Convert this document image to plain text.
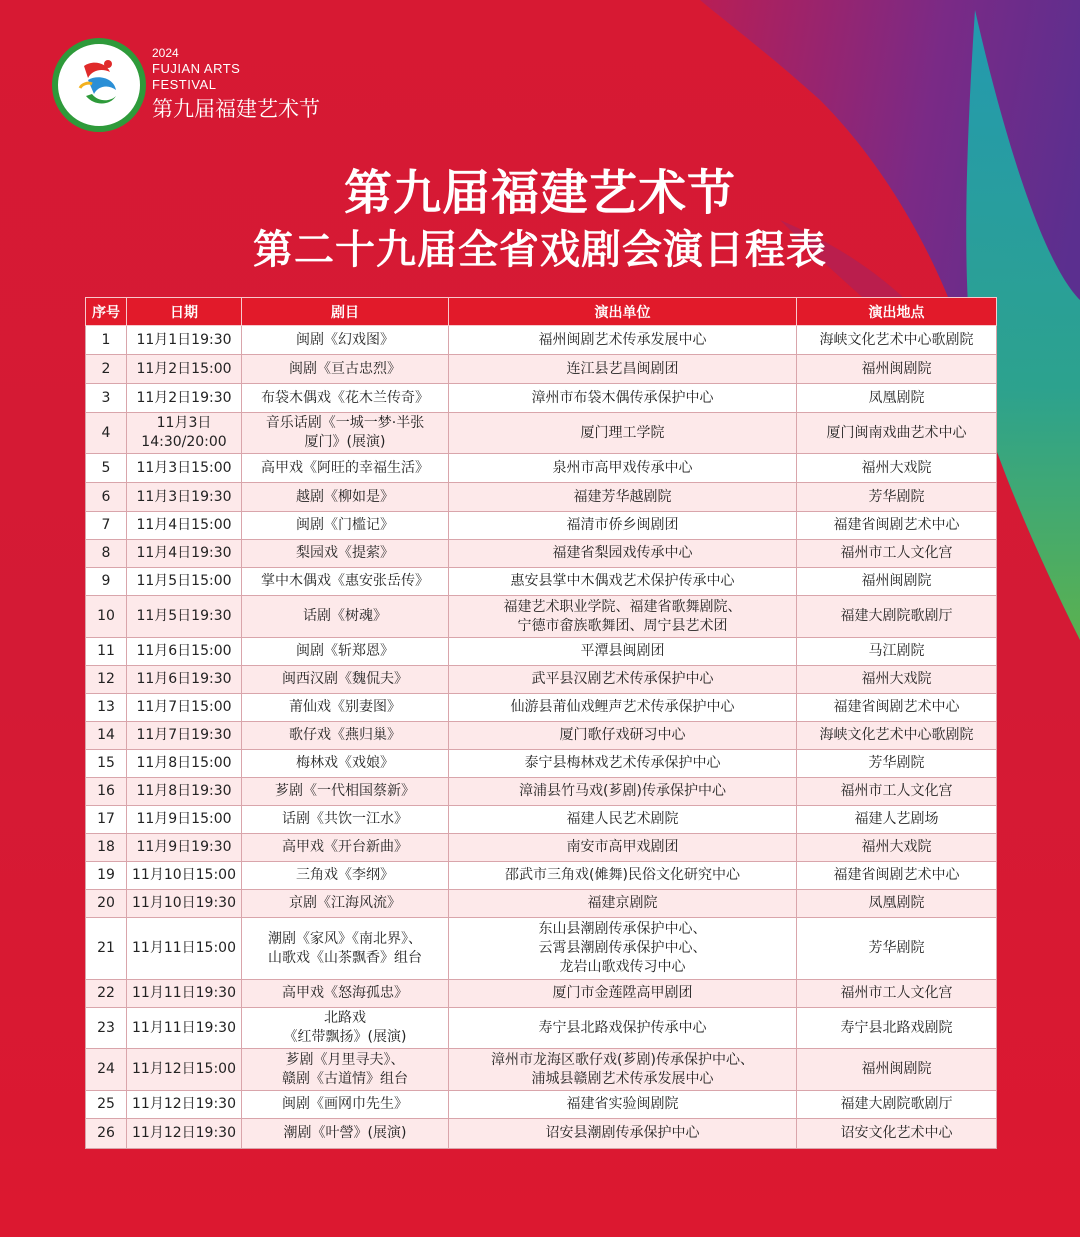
2024
FUJIAN ARTS
FESTIVAL
第九届福建艺术节
第九届福建艺术节
第二十九届全省戏剧会演日程表
序号	日期	剧目	演出单位	演出地点
1	11月1日19:30	闽剧《幻戏图》	福州闽剧艺术传承发展中心	海峡文化艺术中心歌剧院

2	11月2日15:00	闽剧《亘古忠烈》	连江县艺昌闽剧团	福州闽剧院

3	11月2日19:30	布袋木偶戏《花木兰传奇》	漳州市布袋木偶传承保护中心	凤凰剧院

4	11月3日
14:30/20:00	音乐话剧《一城一梦·半张
厦门》(展演)	厦门理工学院	厦门闽南戏曲艺术中心

5	11月3日15:00	高甲戏《阿旺的幸福生活》	泉州市高甲戏传承中心	福州大戏院

6	11月3日19:30	越剧《柳如是》	福建芳华越剧院	芳华剧院

7	11月4日15:00	闽剧《门槛记》	福清市侨乡闽剧团	福建省闽剧艺术中心

8	11月4日19:30	梨园戏《提萦》	福建省梨园戏传承中心	福州市工人文化宫

9	11月5日15:00	掌中木偶戏《惠安张岳传》	惠安县掌中木偶戏艺术保护传承中心	福州闽剧院

10	11月5日19:30	话剧《树魂》	福建艺术职业学院、福建省歌舞剧院、
宁德市畲族歌舞团、周宁县艺术团	福建大剧院歌剧厅

11	11月6日15:00	闽剧《斩郑恩》	平潭县闽剧团	马江剧院

12	11月6日19:30	闽西汉剧《魏侃夫》	武平县汉剧艺术传承保护中心	福州大戏院

13	11月7日15:00	莆仙戏《别妻图》	仙游县莆仙戏鲤声艺术传承保护中心	福建省闽剧艺术中心

14	11月7日19:30	歌仔戏《燕归巢》	厦门歌仔戏研习中心	海峡文化艺术中心歌剧院

15	11月8日15:00	梅林戏《戏娘》	泰宁县梅林戏艺术传承保护中心	芳华剧院

16	11月8日19:30	芗剧《一代相国蔡新》	漳浦县竹马戏(芗剧)传承保护中心	福州市工人文化宫

17	11月9日15:00	话剧《共饮一江水》	福建人民艺术剧院	福建人艺剧场

18	11月9日19:30	高甲戏《开台新曲》	南安市高甲戏剧团	福州大戏院

19	11月10日15:00	三角戏《李纲》	邵武市三角戏(傩舞)民俗文化研究中心	福建省闽剧艺术中心

20	11月10日19:30	京剧《江海风流》	福建京剧院	凤凰剧院

21	11月11日15:00	潮剧《家风》《南北界》、
山歌戏《山茶飘香》组台	东山县潮剧传承保护中心、
云霄县潮剧传承保护中心、
龙岩山歌戏传习中心	芳华剧院

22	11月11日19:30	高甲戏《怒海孤忠》	厦门市金莲陞高甲剧团	福州市工人文化宫

23	11月11日19:30	北路戏
《红带飘扬》(展演)	寿宁县北路戏保护传承中心	寿宁县北路戏剧院

24	11月12日15:00	芗剧《月里寻夫》、
赣剧《古道情》组台	漳州市龙海区歌仔戏(芗剧)传承保护中心、
浦城县赣剧艺术传承发展中心	福州闽剧院

25	11月12日19:30	闽剧《画网巾先生》	福建省实验闽剧院	福建大剧院歌剧厅

26	11月12日19:30	潮剧《叶謍》(展演)	诏安县潮剧传承保护中心	诏安文化艺术中心
